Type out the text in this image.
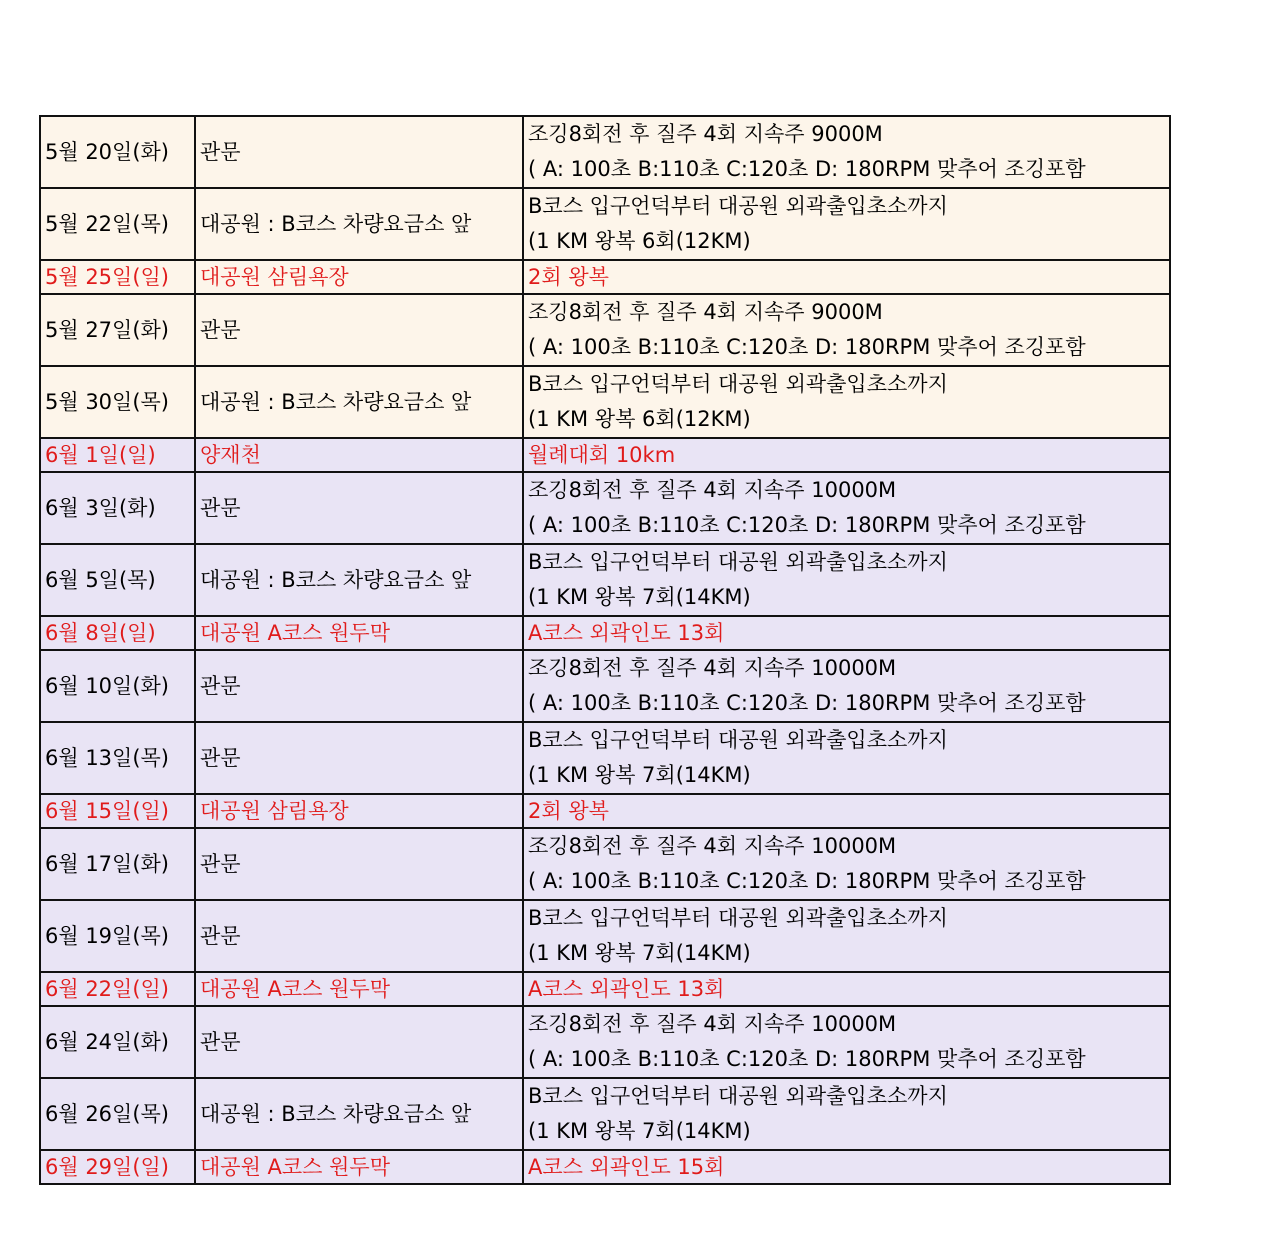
5월 20일(화)	관문	조깅8회전 후 질주 4회 지속주 9000M
( A: 100초 B:110초 C:120초 D: 180RPM 맞추어 조깅포함

5월 22일(목)	대공원 : B코스 차량요금소 앞	B코스 입구언덕부터 대공원 외곽출입초소까지
(1 KM 왕복 6회(12KM)

5월 25일(일)	대공원 삼림욕장	2회 왕복

5월 27일(화)	관문	조깅8회전 후 질주 4회 지속주 9000M
( A: 100초 B:110초 C:120초 D: 180RPM 맞추어 조깅포함

5월 30일(목)	대공원 : B코스 차량요금소 앞	B코스 입구언덕부터 대공원 외곽출입초소까지
(1 KM 왕복 6회(12KM)

6월 1일(일)	양재천	월례대회 10km

6월 3일(화)	관문	조깅8회전 후 질주 4회 지속주 10000M
( A: 100초 B:110초 C:120초 D: 180RPM 맞추어 조깅포함

6월 5일(목)	대공원 : B코스 차량요금소 앞	B코스 입구언덕부터 대공원 외곽출입초소까지
(1 KM 왕복 7회(14KM)

6월 8일(일)	대공원 A코스 원두막	A코스 외곽인도 13회

6월 10일(화)	관문	조깅8회전 후 질주 4회 지속주 10000M
( A: 100초 B:110초 C:120초 D: 180RPM 맞추어 조깅포함

6월 13일(목)	관문	B코스 입구언덕부터 대공원 외곽출입초소까지
(1 KM 왕복 7회(14KM)

6월 15일(일)	대공원 삼림욕장	2회 왕복

6월 17일(화)	관문	조깅8회전 후 질주 4회 지속주 10000M
( A: 100초 B:110초 C:120초 D: 180RPM 맞추어 조깅포함

6월 19일(목)	관문	B코스 입구언덕부터 대공원 외곽출입초소까지
(1 KM 왕복 7회(14KM)

6월 22일(일)	대공원 A코스 원두막	A코스 외곽인도 13회

6월 24일(화)	관문	조깅8회전 후 질주 4회 지속주 10000M
( A: 100초 B:110초 C:120초 D: 180RPM 맞추어 조깅포함

6월 26일(목)	대공원 : B코스 차량요금소 앞	B코스 입구언덕부터 대공원 외곽출입초소까지
(1 KM 왕복 7회(14KM)

6월 29일(일)	대공원 A코스 원두막	A코스 외곽인도 15회
